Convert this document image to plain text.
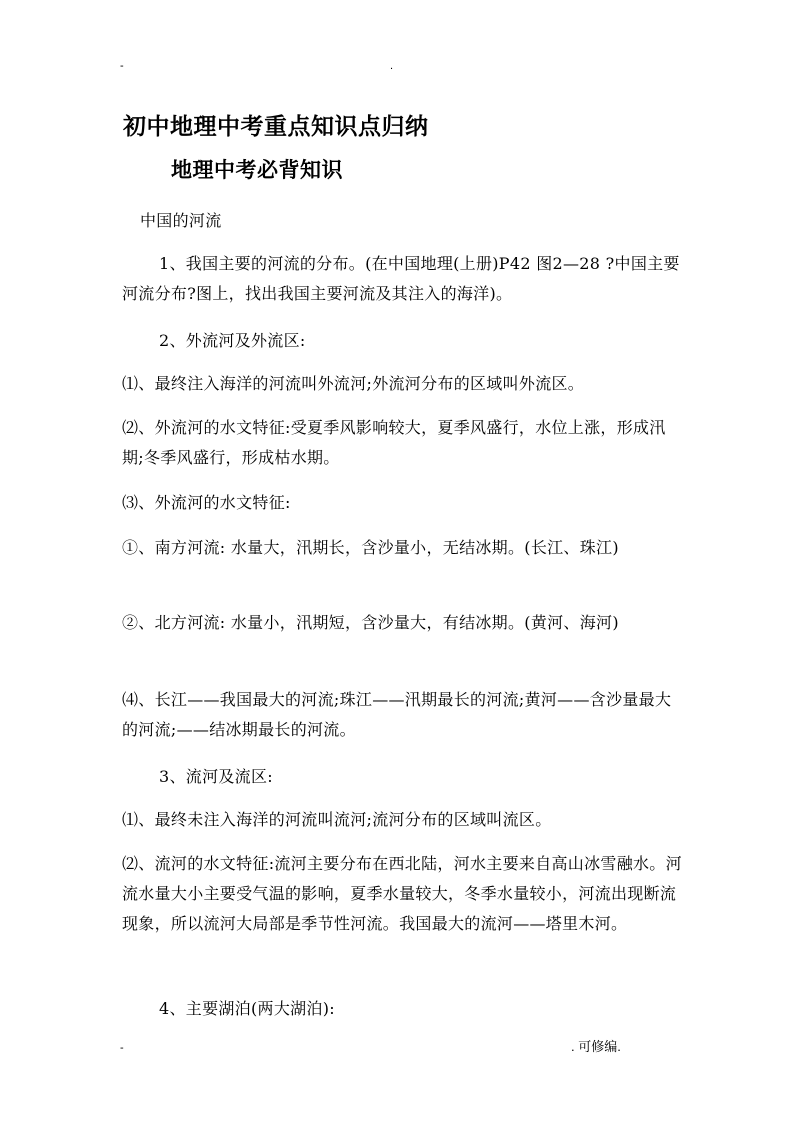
-	.
初中地理中考重点知识点归纳
地理中考必背知识
中国的河流
1、我国主要的河流的分布。(在中国地理(上册)P42 图2—28 ?中国主要河流分布?图上，找出我国主要河流及其注入的海洋)。
2、外流河及外流区:
⑴、最终注入海洋的河流叫外流河;外流河分布的区域叫外流区。
⑵、外流河的水文特征:受夏季风影响较大，夏季风盛行，水位上涨，形成汛期;冬季风盛行，形成枯水期。
⑶、外流河的水文特征:
①、南方河流: 水量大，汛期长，含沙量小，无结冰期。(长江、珠江)
②、北方河流: 水量小，汛期短，含沙量大，有结冰期。(黄河、海河)
⑷、长江——我国最大的河流;珠江——汛期最长的河流;黄河——含沙量最大的河流;——结冰期最长的河流。
3、流河及流区:
⑴、最终未注入海洋的河流叫流河;流河分布的区域叫流区。
⑵、流河的水文特征:流河主要分布在西北陆，河水主要来自高山冰雪融水。河流水量大小主要受气温的影响，夏季水量较大，冬季水量较小，河流出现断流现象，所以流河大局部是季节性河流。我国最大的流河——塔里木河。
4、主要湖泊(两大湖泊):
-	. 可修编.
